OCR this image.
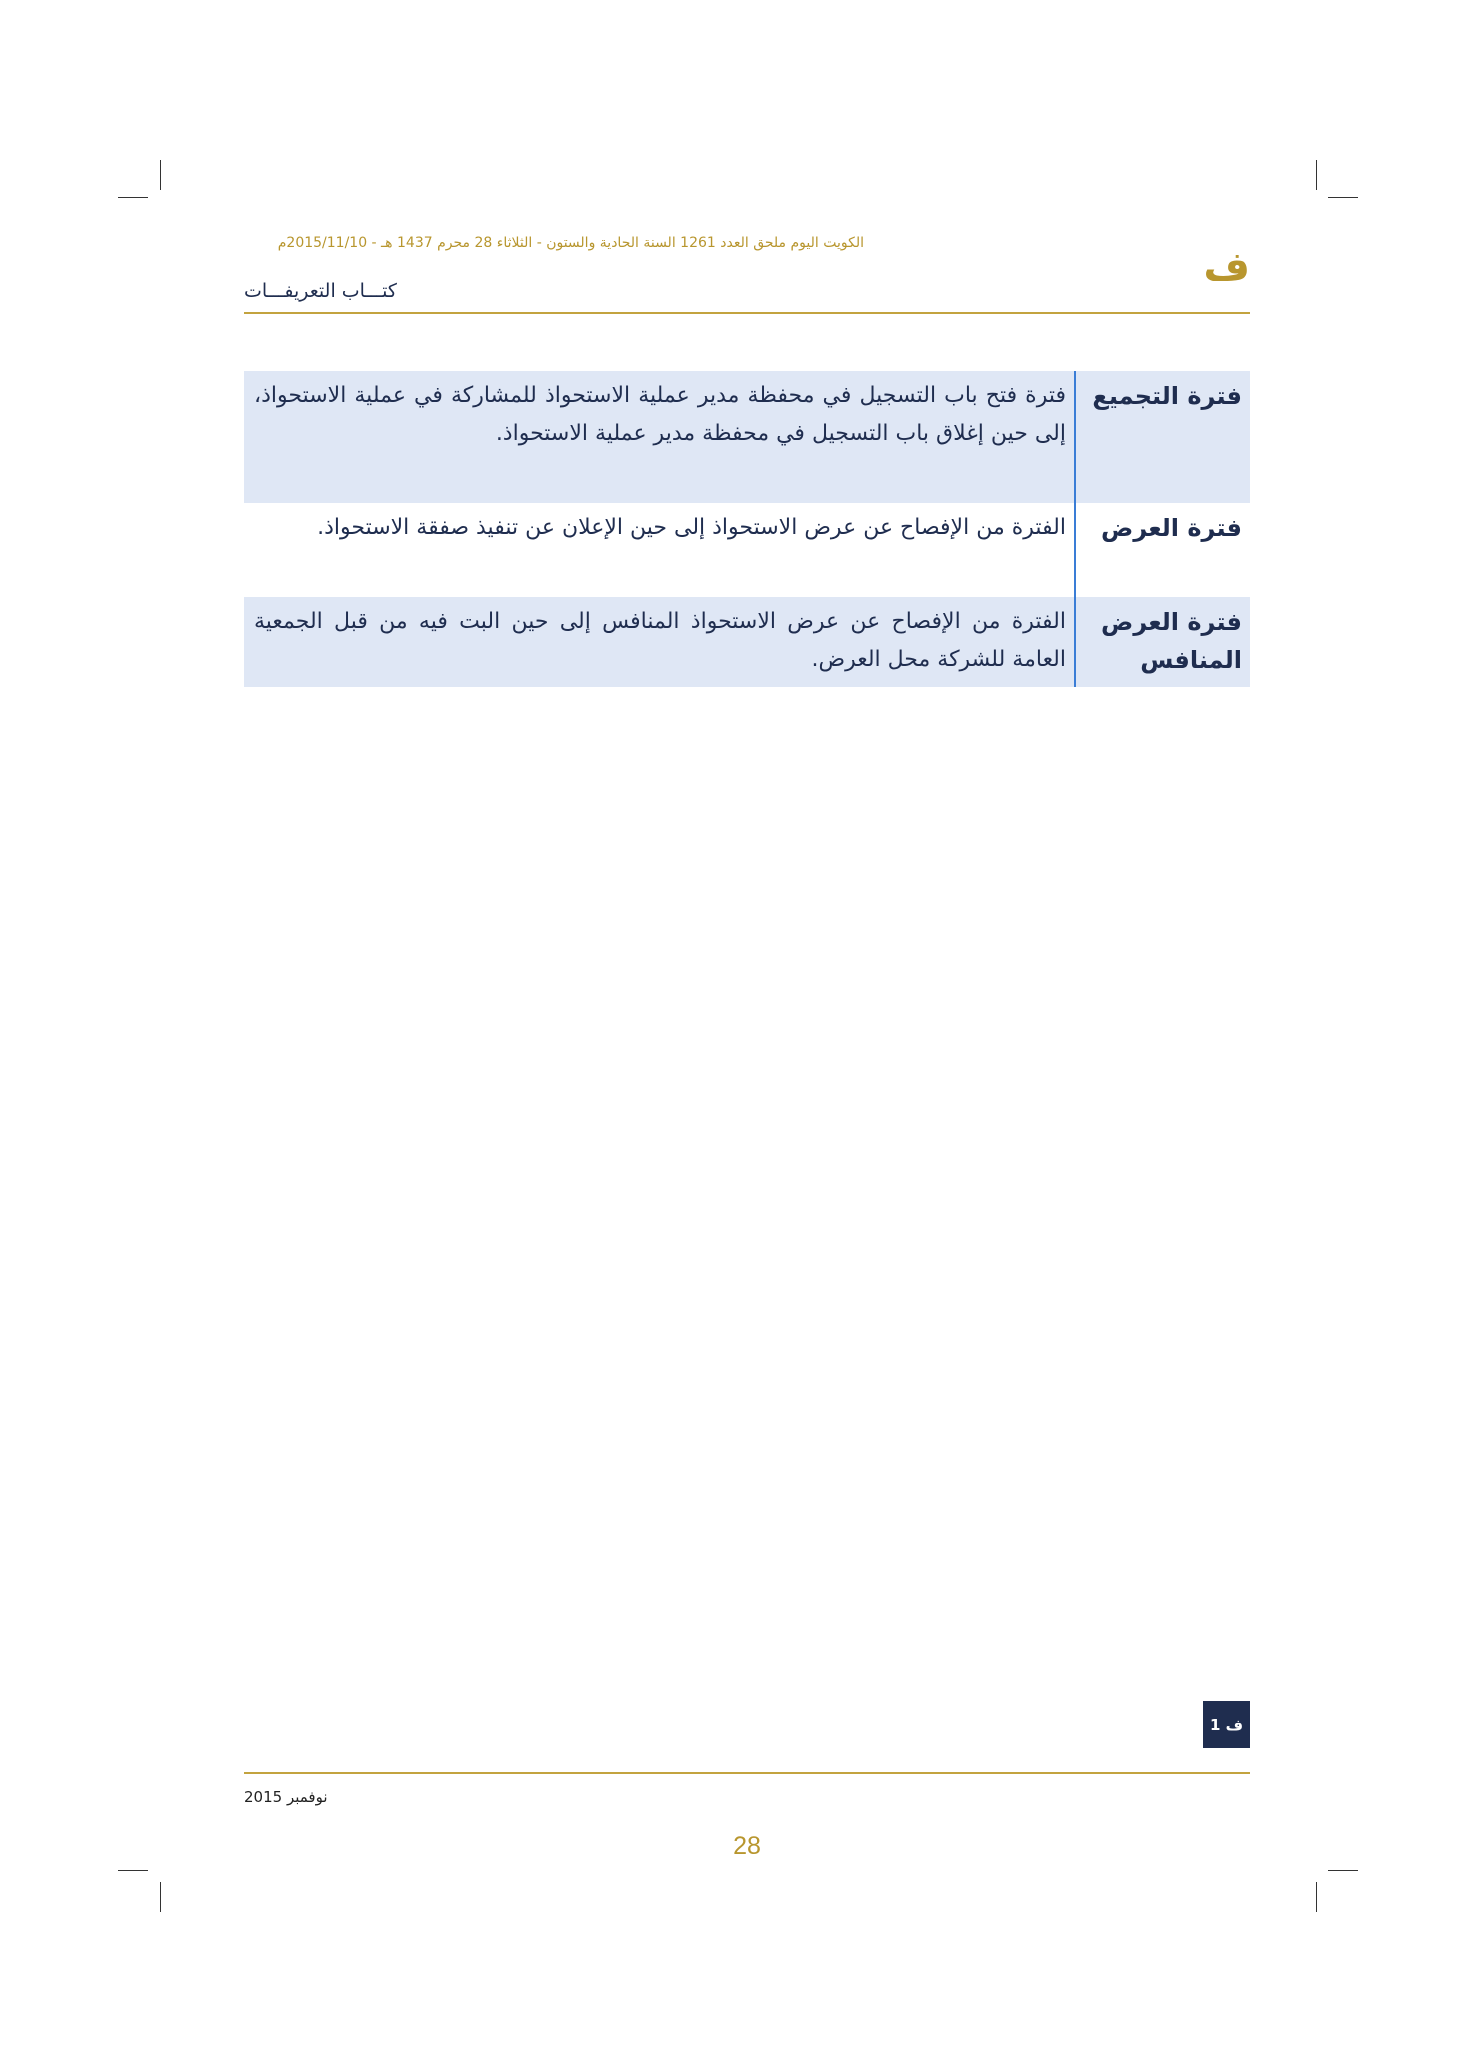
الكويت اليوم ملحق العدد 1261 السنة الحادية والستون - الثلاثاء 28 محرم 1437 هـ - 2015/11/10م
ف
كتـــاب التعريفـــات
فترة التجميع
فترة فتح باب التسجيل في محفظة مدير عملية الاستحواذ للمشاركة في عملية الاستحواذ، إلى حين إغلاق باب التسجيل في محفظة مدير عملية الاستحواذ.
فترة العرض
الفترة من الإفصاح عن عرض الاستحواذ إلى حين الإعلان عن تنفيذ صفقة الاستحواذ.
فترة العرض المنافس
الفترة من الإفصاح عن عرض الاستحواذ المنافس إلى حين البت فيه من قبل الجمعية العامة للشركة محل العرض.
ف 1
نوفمبر 2015
28
